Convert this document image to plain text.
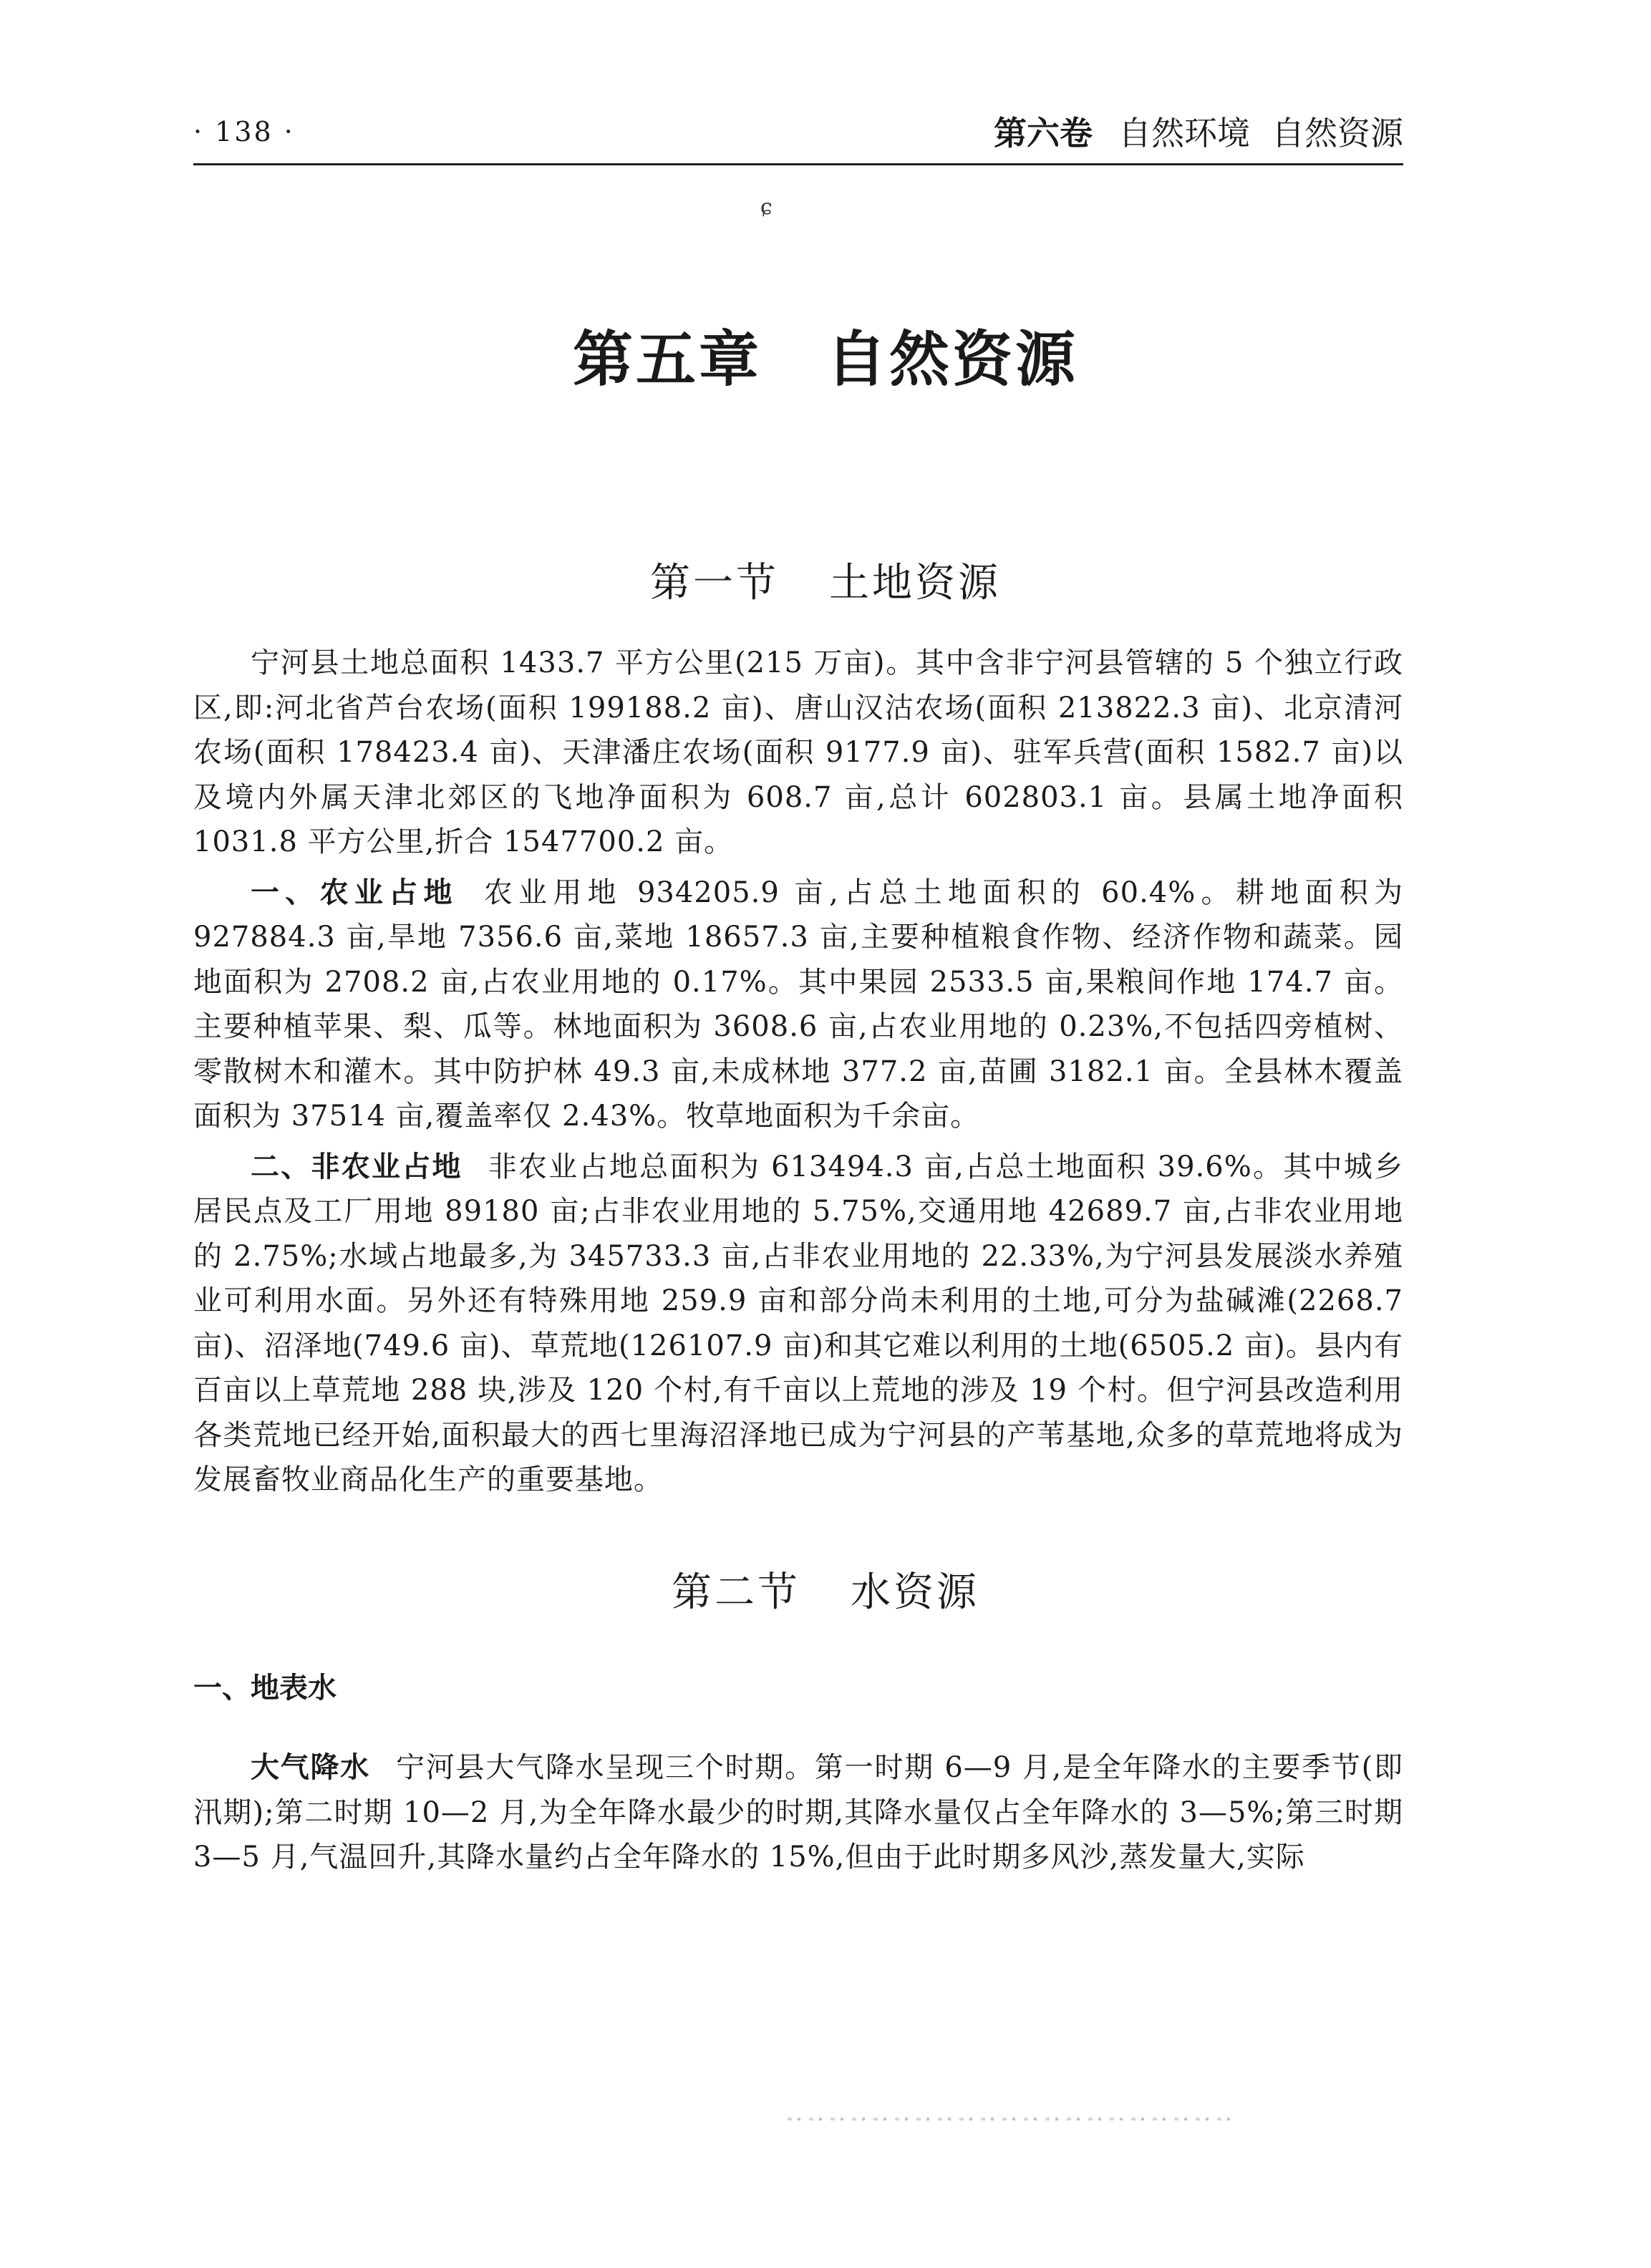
· 138 ·	第六卷 自然环境 自然资源
ɕ
第五章 自然资源
第一节 土地资源

宁河县土地总面积 1433.7 平方公里(215 万亩)。其中含非宁河县管辖的 5 个独立行政区,即:河北省芦台农场(面积 199188.2 亩)、唐山汉沽农场(面积 213822.3 亩)、北京清河农场(面积 178423.4 亩)、天津潘庄农场(面积 9177.9 亩)、驻军兵营(面积 1582.7 亩)以及境内外属天津北郊区的飞地净面积为 608.7 亩,总计 602803.1 亩。县属土地净面积 1031.8 平方公里,折合 1547700.2 亩。

一、农业占地 农业用地 934205.9 亩,占总土地面积的 60.4%。耕地面积为 927884.3 亩,旱地 7356.6 亩,菜地 18657.3 亩,主要种植粮食作物、经济作物和蔬菜。园地面积为 2708.2 亩,占农业用地的 0.17%。其中果园 2533.5 亩,果粮间作地 174.7 亩。主要种植苹果、梨、瓜等。林地面积为 3608.6 亩,占农业用地的 0.23%,不包括四旁植树、零散树木和灌木。其中防护林 49.3 亩,未成林地 377.2 亩,苗圃 3182.1 亩。全县林木覆盖面积为 37514 亩,覆盖率仅 2.43%。牧草地面积为千余亩。

二、非农业占地 非农业占地总面积为 613494.3 亩,占总土地面积 39.6%。其中城乡居民点及工厂用地 89180 亩;占非农业用地的 5.75%,交通用地 42689.7 亩,占非农业用地的 2.75%;水域占地最多,为 345733.3 亩,占非农业用地的 22.33%,为宁河县发展淡水养殖业可利用水面。另外还有特殊用地 259.9 亩和部分尚未利用的土地,可分为盐碱滩(2268.7 亩)、沼泽地(749.6 亩)、草荒地(126107.9 亩)和其它难以利用的土地(6505.2 亩)。县内有百亩以上草荒地 288 块,涉及 120 个村,有千亩以上荒地的涉及 19 个村。但宁河县改造利用各类荒地已经开始,面积最大的西七里海沼泽地已成为宁河县的产苇基地,众多的草荒地将成为发展畜牧业商品化生产的重要基地。

第二节 水资源
一、地表水

大气降水 宁河县大气降水呈现三个时期。第一时期 6—9 月,是全年降水的主要季节(即汛期);第二时期 10—2 月,为全年降水最少的时期,其降水量仅占全年降水的 3—5%;第三时期 3—5 月,气温回升,其降水量约占全年降水的 15%,但由于此时期多风沙,蒸发量大,实际
